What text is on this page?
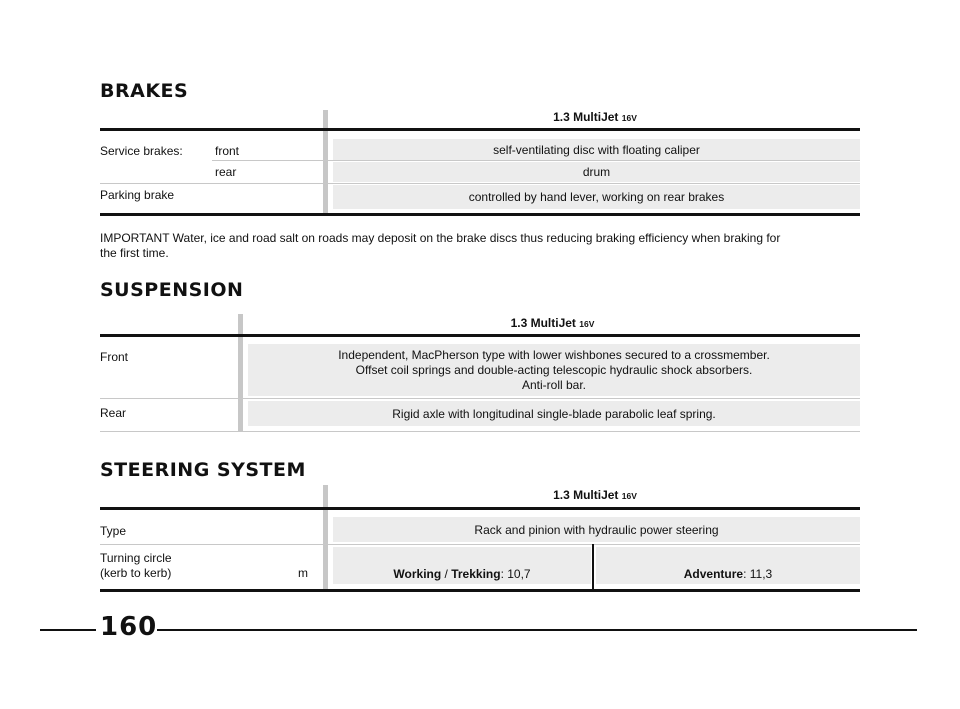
BRAKES
1.3 MultiJet 16V
Service brakes:	front	self-ventilating disc with floating caliper
rear	drum
Parking brake	controlled by hand lever, working on rear brakes
IMPORTANT Water, ice and road salt on roads may deposit on the brake discs thus reducing braking efficiency when braking for
the first time.
SUSPENSION
1.3 MultiJet 16V
Front	Independent, MacPherson type with lower wishbones secured to a crossmember.
Offset coil springs and double-acting telescopic hydraulic shock absorbers.
Anti-roll bar.
Rear	Rigid axle with longitudinal single-blade parabolic leaf spring.
STEERING SYSTEM
1.3 MultiJet 16V
Type	Rack and pinion with hydraulic power steering
Turning circle
(kerb to kerb)	m	Working / Trekking: 10,7	Adventure: 11,3
160
